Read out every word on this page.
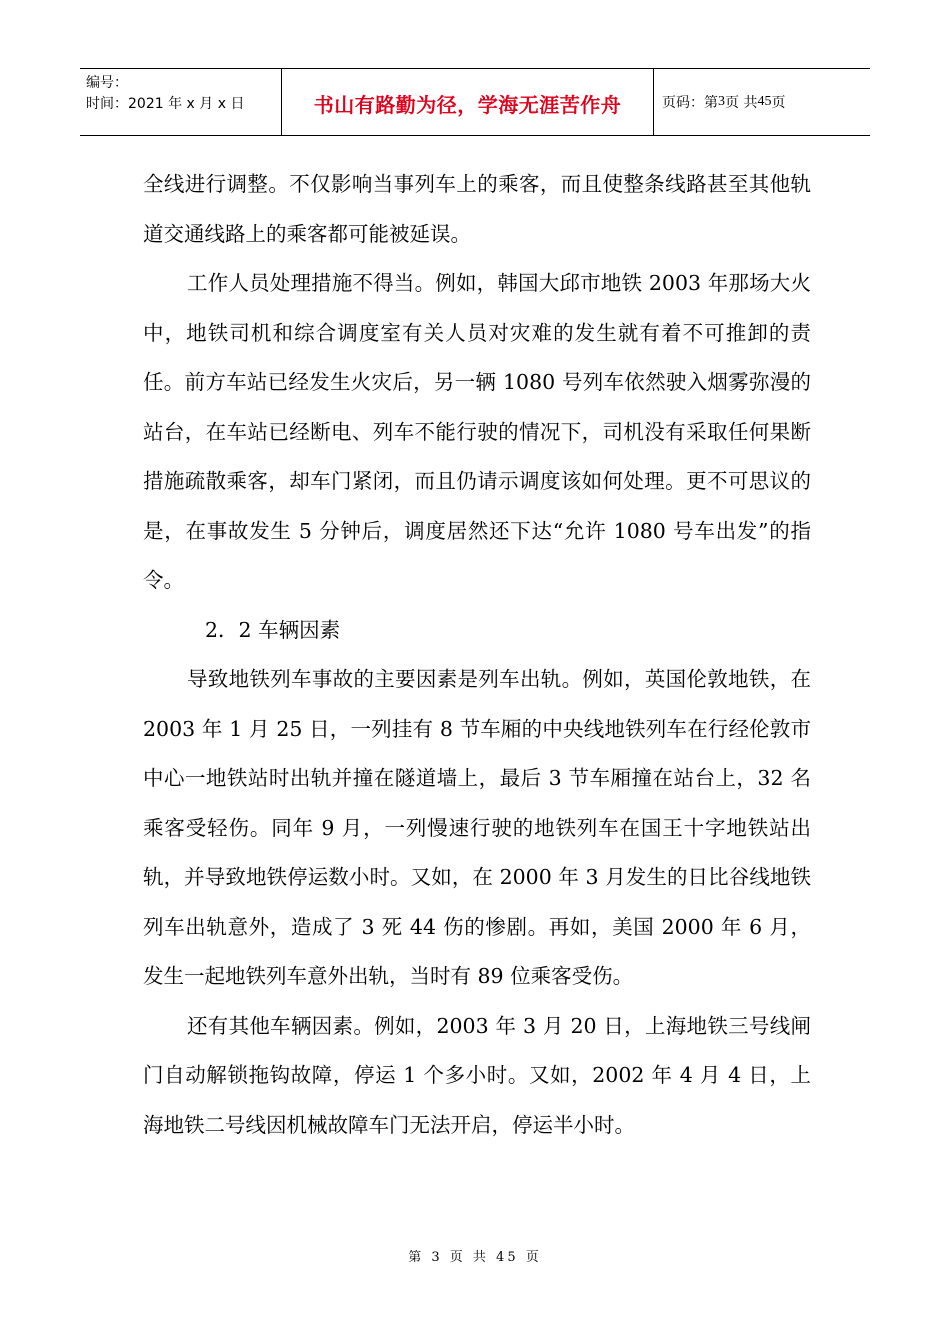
编号：
时间：2021 年 x 月 x 日	书山有路勤为径，学海无涯苦作舟	页码：第 3 页 共 45 页

全线进行调整。不仅影响当事列车上的乘客，而且使整条线路甚至其他轨道交通线路上的乘客都可能被延误。

工作人员处理措施不得当。例如，韩国大邱市地铁 2003 年那场大火中，地铁司机和综合调度室有关人员对灾难的发生就有着不可推卸的责任。前方车站已经发生火灾后，另一辆 1080 号列车依然驶入烟雾弥漫的站台，在车站已经断电、列车不能行驶的情况下，司机没有采取任何果断措施疏散乘客，却车门紧闭，而且仍请示调度该如何处理。更不可思议的是，在事故发生 5 分钟后，调度居然还下达“允许 1080 号车出发”的指令。

2．2 车辆因素

导致地铁列车事故的主要因素是列车出轨。例如，英国伦敦地铁，在 2003 年 1 月 25 日，一列挂有 8 节车厢的中央线地铁列车在行经伦敦市中心一地铁站时出轨并撞在隧道墙上，最后 3 节车厢撞在站台上，32 名乘客受轻伤。同年 9 月，一列慢速行驶的地铁列车在国王十字地铁站出轨，并导致地铁停运数小时。又如，在 2000 年 3 月发生的日比谷线地铁列车出轨意外，造成了 3 死 44 伤的惨剧。再如，美国 2000 年 6 月，发生一起地铁列车意外出轨，当时有 89 位乘客受伤。

还有其他车辆因素。例如，2003 年 3 月 20 日，上海地铁三号线闸门自动解锁拖钩故障，停运 1 个多小时。又如，2002 年 4 月 4 日，上海地铁二号线因机械故障车门无法开启，停运半小时。

第 3 页 共 45 页
